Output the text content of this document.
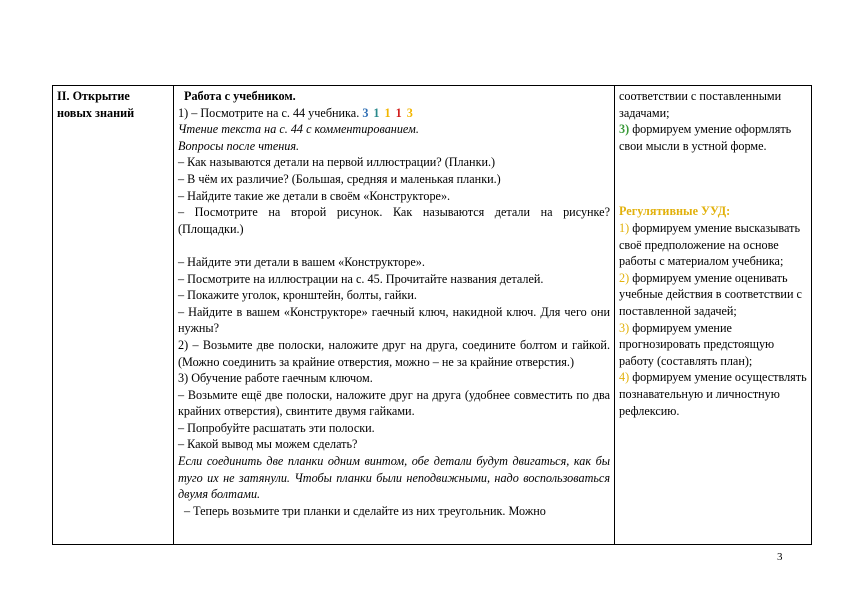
II. Открытие
новых знаний

Работа с учебником.
1) – Посмотрите на с. 44 учебника. 3 1 1 1 3
Чтение текста на с. 44 с комментированием.
Вопросы после чтения.
– Как называются детали на первой иллюстрации? (Планки.)
– В чём их различие? (Большая, средняя и маленькая планки.)
– Найдите такие же детали в своём «Конструкторе».
– Посмотрите на второй рисунок. Как называются детали на рисунке? (Площадки.)
– Найдите эти детали в вашем «Конструкторе».
– Посмотрите на иллюстрации на с. 45. Прочитайте названия деталей.
– Покажите уголок, кронштейн, болты, гайки.
– Найдите в вашем «Конструкторе» гаечный ключ, накидной ключ. Для чего они нужны?
2) – Возьмите две полоски, наложите друг на друга, соедините болтом и гайкой. (Можно соединить за крайние отверстия, можно – не за крайние отверстия.)
3) Обучение работе гаечным ключом.
– Возьмите ещё две полоски, наложите друг на друга (удобнее совместить по два крайних отверстия), свинтите двумя гайками.
– Попробуйте расшатать эти полоски.
– Какой вывод мы можем сделать?
Если соединить две планки одним винтом, обе детали будут двигаться, как бы туго их не затянули. Чтобы планки были неподвижными, надо воспользоваться двумя болтами.
– Теперь возьмите три планки и сделайте из них треугольник. Можно

соответствии с поставленными задачами;
3) формируем умение оформлять свои мысли в устной форме.
Регулятивные УУД:
1) формируем умение высказывать своё предположение на основе работы с материалом учебника;
2) формируем умение оценивать учебные действия в соответствии с поставленной задачей;
3) формируем умение прогнозировать предстоящую работу (составлять план);
4) формируем умение осуществлять познавательную и личностную рефлексию.
3
